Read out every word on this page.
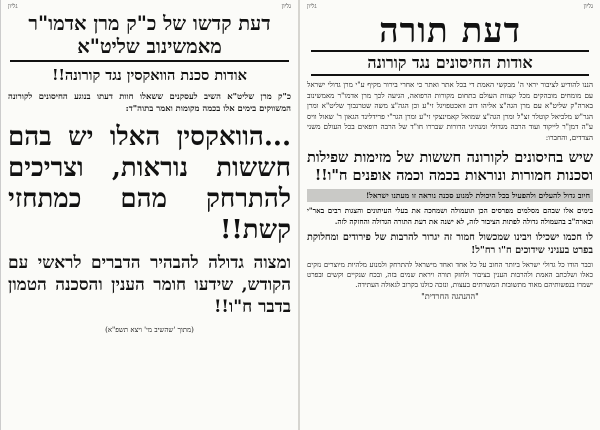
גליון
גליון
דעת תורה
אודות החיסונים נגד קורונה
הננו להודיע לציבור יראי ה' מבקשי האמת די בכל אתר ואתר כי אחרי בירור מקיף ע"י מרן גדולי ישראל עם מומחים מובהקים מכל קצוות העולם בתחום מקורות הרפואה, הגיעה לכך מרן אדמו"ר מאמשינוב בארה"ק שליט"א עם מרן הגה"צ אליהו דוב וואכטפויגל זי"ע וכן הגה"צ משה שטרנבוך שליט"א ומרן הגר"ש מלכיאל קוטלר זצ"ל ומרן הגה"צ שמואל קאמינצקי זי"ע ומרן הגר"י פרידלינד הגאון ר' שאול וויס ע"ה דמן"ר לייקוד ועוד הרבה מגדולי ומנהיגי הדורות שבררו חו"ד של הרבה רופאים בכל העולם משני הצדדים, והחברו:
שיש בחיסונים לקורונה חששות של מזימות שפילות וסכנות חמורות ונוראות בכמה וכמה אופנים ח"ו!!
חיוב גדול להעלים ולהפעיל בכל היכולת למנוע סכנה נוראה זו מעתנו ישראל!
בימים אלו שבהם מסלמים מפרסים הכן תועמולה ושמחכה את בעלי העיתונים והצגות רבים באר"י ובארה"ב בהעמולה גדולה לפתות הציבור לזה, לא ישנה את דעת התורה הגדולה והחזקה לזה.
לו חכמו ישכילו ויבינו שמכשול חמור זה יגרור להרבות של פירודים ומחלוקת בפרט בעניני שידוכים ח"ו רח"ל!
וכבר הודו כל גדולי ישראל ביותר החוב על כל אחד ואחד מישראל להתרחק ולמנוע מלהיות מיוצרים נזקים כאלו ושלכתב האמת ולהרבות הענין בציבור ולחזק תורה ויראת שמים בזה, ובכח שנקיים וקשים ובפרט ישמרו בנפשותיהם מאוד מתשובות המשרתים בעצות, ונזכה כולנו בקרוב לגאולה העתידה.
"ההנהגה החרדית"
גליון
גליון
דעת קדשו של כ"ק מרן אדמו"ר מאמשינוב שליט"א
אודות סכנת הוואקסין נגד קורונה!!
כ"ק מרן שליט"א השיב לעסקנים ששאלו חוות דעתו בנוגע החיסונים לקורונה המשווקים בימים אלו בכמה מקומות ואמר בתוה"ד:
...הוואקסין האלו יש בהם חששות נוראות, וצריכים להתרחק מהם כמתחזי קשת!!
ומצוה גדולה להבהיר הדברים לראשי עם הקודש, שידעו חומר הענין והסכנה הטמון בדבר ח"ו!!
(מתוך 'שהשיב מי' ויצא תשפ"א)
